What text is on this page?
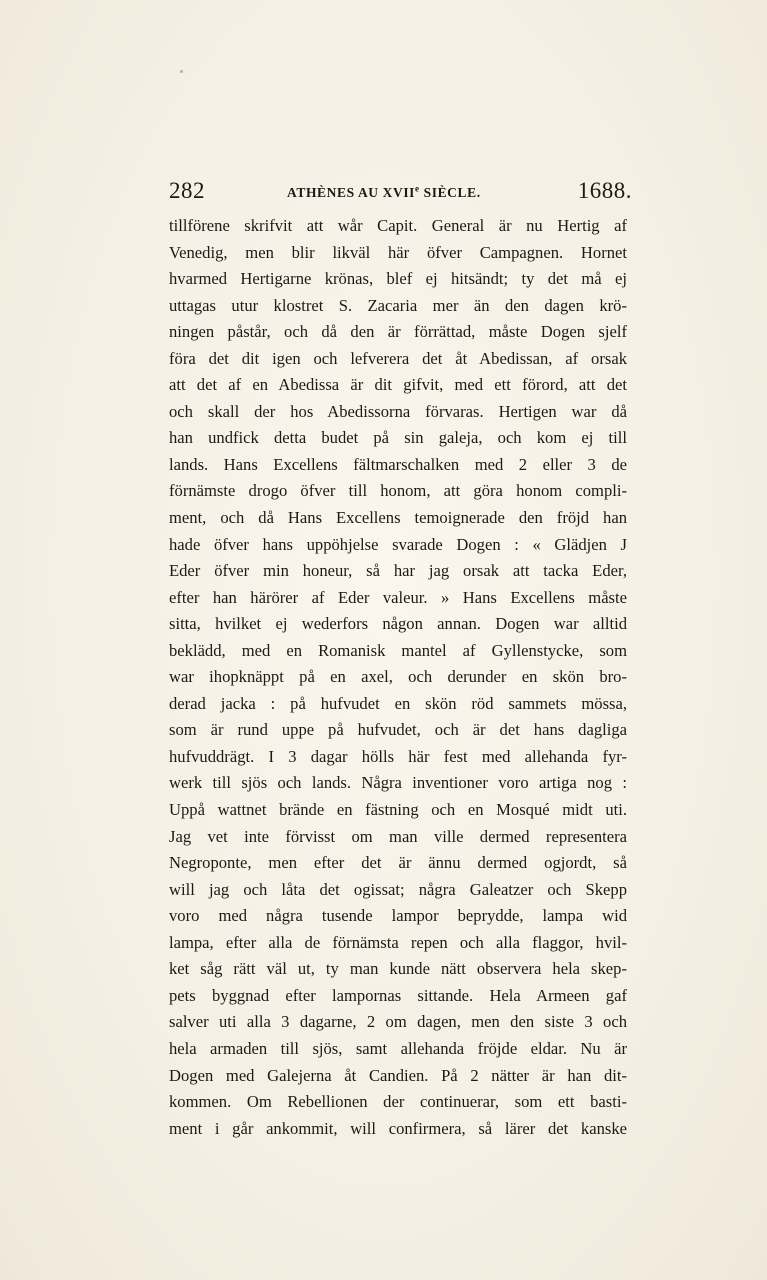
282	ATHÈNES AU XVIIe SIÈCLE.	1688.
tillförene skrifvit att wår Capit. General är nu Hertig af
Venedig, men blir likväl här öfver Campagnen. Hornet
hvarmed Hertigarne krönas, blef ej hitsändt; ty det må ej
uttagas utur klostret S. Zacaria mer än den dagen krö-
ningen påstår, och då den är förrättad, måste Dogen sjelf
föra det dit igen och lefverera det åt Abedissan, af orsak
att det af en Abedissa är dit gifvit, med ett förord, att det
och skall der hos Abedissorna förvaras. Hertigen war då
han undfick detta budet på sin galeja, och kom ej till
lands. Hans Excellens fältmarschalken med 2 eller 3 de
förnämste drogo öfver till honom, att göra honom compli-
ment, och då Hans Excellens temoignerade den fröjd han
hade öfver hans uppöhjelse svarade Dogen : « Glädjen J
Eder öfver min honeur, så har jag orsak att tacka Eder,
efter han härörer af Eder valeur. » Hans Excellens måste
sitta, hvilket ej wederfors någon annan. Dogen war alltid
beklädd, med en Romanisk mantel af Gyllenstycke, som
war ihopknäppt på en axel, och derunder en skön bro-
derad jacka : på hufvudet en skön röd sammets mössa,
som är rund uppe på hufvudet, och är det hans dagliga
hufvuddrägt. I 3 dagar hölls här fest med allehanda fyr-
werk till sjös och lands. Några inventioner voro artiga nog :
Uppå wattnet brände en fästning och en Mosqué midt uti.
Jag vet inte förvisst om man ville dermed representera
Negroponte, men efter det är ännu dermed ogjordt, så
will jag och låta det ogissat; några Galeatzer och Skepp
voro med några tusende lampor beprydde, lampa wid
lampa, efter alla de förnämsta repen och alla flaggor, hvil-
ket såg rätt väl ut, ty man kunde nätt observera hela skep-
pets byggnad efter lampornas sittande. Hela Armeen gaf
salver uti alla 3 dagarne, 2 om dagen, men den siste 3 och
hela armaden till sjös, samt allehanda fröjde eldar. Nu är
Dogen med Galejerna åt Candien. På 2 nätter är han dit-
kommen. Om Rebellionen der continuerar, som ett basti-
ment i går ankommit, will confirmera, så lärer det kanske
